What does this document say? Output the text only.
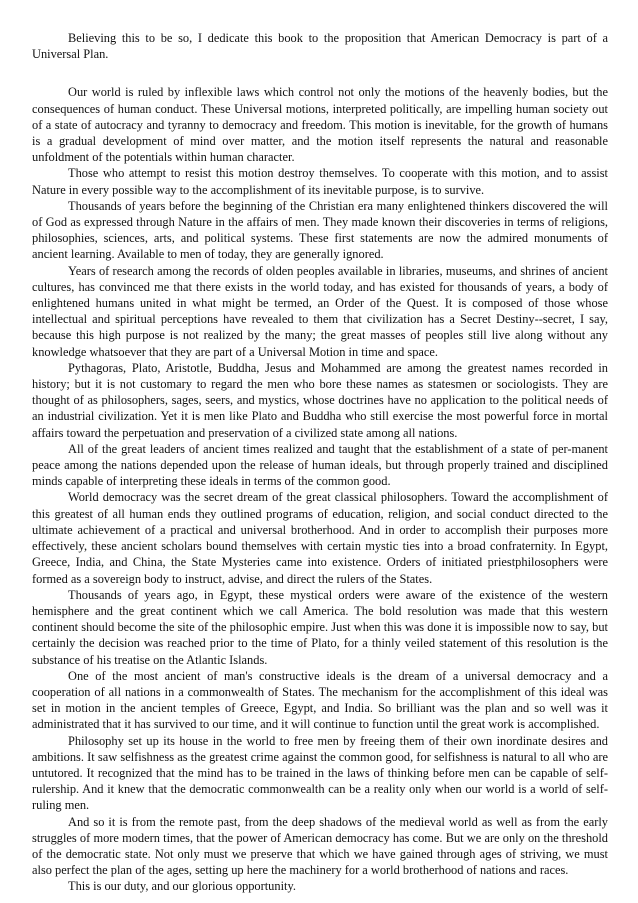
Believing this to be so, I dedicate this book to the proposition that American Democracy is part of a Universal Plan.

Our world is ruled by inflexible laws which control not only the motions of the heavenly bodies, but the consequences of human conduct. These Universal motions, interpreted politically, are impelling human society out of a state of autocracy and tyranny to democracy and freedom. This motion is inevitable, for the growth of humans is a gradual development of mind over matter, and the motion itself represents the natural and reasonable unfoldment of the potentials within human character.

Those who attempt to resist this motion destroy themselves. To cooperate with this motion, and to assist Nature in every possible way to the accomplishment of its inevitable purpose, is to survive.

Thousands of years before the beginning of the Christian era many enlightened thinkers discovered the will of God as expressed through Nature in the affairs of men. They made known their discoveries in terms of religions, philosophies, sciences, arts, and political systems. These first statements are now the admired monuments of ancient learning. Available to men of today, they are generally ignored.

Years of research among the records of olden peoples available in libraries, museums, and shrines of ancient cultures, has convinced me that there exists in the world today, and has existed for thousands of years, a body of enlightened humans united in what might be termed, an Order of the Quest. It is composed of those whose intellectual and spiritual perceptions have revealed to them that civilization has a Secret Destiny--secret, I say, because this high purpose is not realized by the many; the great masses of peoples still live along without any knowledge whatsoever that they are part of a Universal Motion in time and space.

Pythagoras, Plato, Aristotle, Buddha, Jesus and Mohammed are among the greatest names recorded in history; but it is not customary to regard the men who bore these names as statesmen or sociologists. They are thought of as philosophers, sages, seers, and mystics, whose doctrines have no application to the political needs of an industrial civilization. Yet it is men like Plato and Buddha who still exercise the most powerful force in mortal affairs toward the perpetuation and preservation of a civilized state among all nations.

All of the great leaders of ancient times realized and taught that the establishment of a state of per-manent peace among the nations depended upon the release of human ideals, but through properly trained and disciplined minds capable of interpreting these ideals in terms of the common good.

World democracy was the secret dream of the great classical philosophers. Toward the accomplishment of this greatest of all human ends they outlined programs of education, religion, and social conduct directed to the ultimate achievement of a practical and universal brotherhood. And in order to accomplish their purposes more effectively, these ancient scholars bound themselves with certain mystic ties into a broad confraternity. In Egypt, Greece, India, and China, the State Mysteries came into existence. Orders of initiated priestphilosophers were formed as a sovereign body to instruct, advise, and direct the rulers of the States.

Thousands of years ago, in Egypt, these mystical orders were aware of the existence of the western hemisphere and the great continent which we call America. The bold resolution was made that this western continent should become the site of the philosophic empire. Just when this was done it is impossible now to say, but certainly the decision was reached prior to the time of Plato, for a thinly veiled statement of this resolution is the substance of his treatise on the Atlantic Islands.

One of the most ancient of man's constructive ideals is the dream of a universal democracy and a cooperation of all nations in a commonwealth of States. The mechanism for the accomplishment of this ideal was set in motion in the ancient temples of Greece, Egypt, and India. So brilliant was the plan and so well was it administrated that it has survived to our time, and it will continue to function until the great work is accomplished.

Philosophy set up its house in the world to free men by freeing them of their own inordinate desires and ambitions. It saw selfishness as the greatest crime against the common good, for selfishness is natural to all who are untutored. It recognized that the mind has to be trained in the laws of thinking before men can be capable of self-rulership. And it knew that the democratic commonwealth can be a reality only when our world is a world of self-ruling men.

And so it is from the remote past, from the deep shadows of the medieval world as well as from the early struggles of more modern times, that the power of American democracy has come. But we are only on the threshold of the democratic state. Not only must we preserve that which we have gained through ages of striving, we must also perfect the plan of the ages, setting up here the machinery for a world brotherhood of nations and races.

This is our duty, and our glorious opportunity.
